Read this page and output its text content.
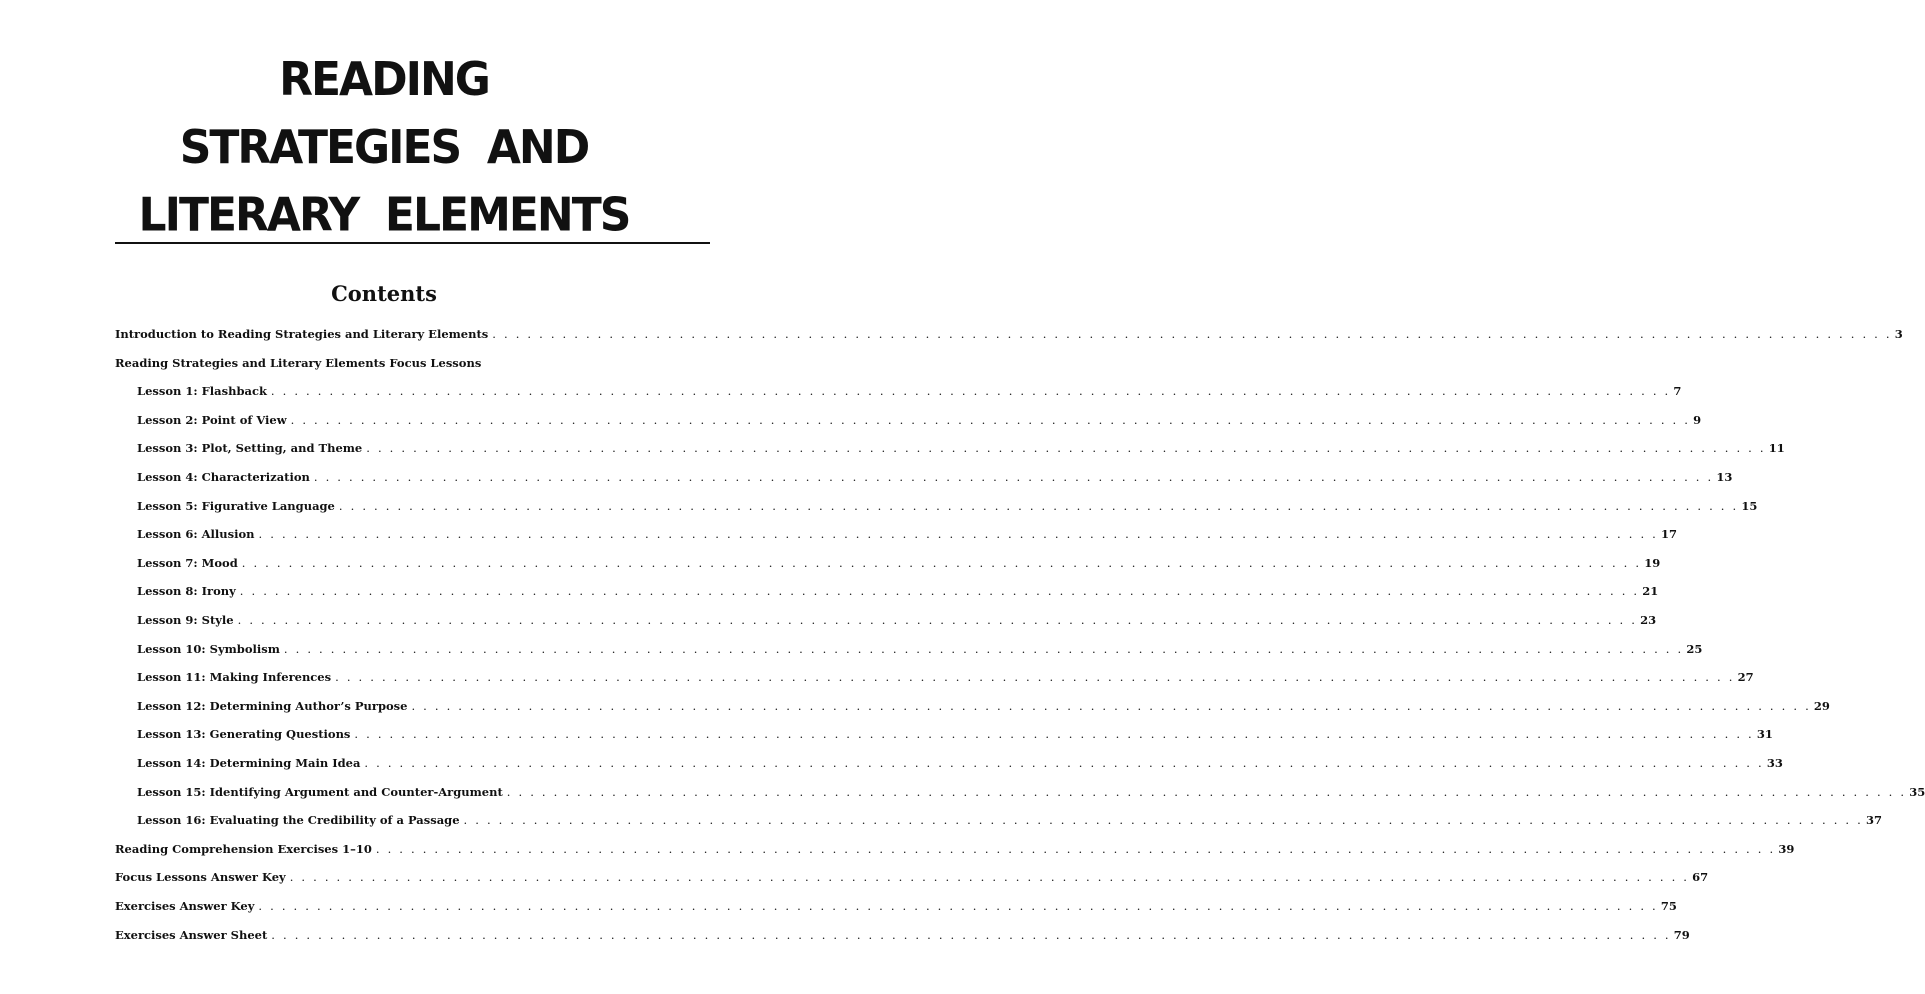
READING
STRATEGIES  AND
LITERARY  ELEMENTS
Contents
Introduction to Reading Strategies and Literary Elements . . . . . . . . . . . . . . . . . . . . . . . . . . . . . . . . . . . . . . . . . . . . . . . . . . . . . . . . . . . . . . . . . . . . . . . . . . . . . . . . . . . . . . . . . . . . . . . . . . . . . . . . . . . . . . . . . . . . . . . . 3
Reading Strategies and Literary Elements Focus Lessons
Lesson 1: Flashback . . . . . . . . . . . . . . . . . . . . . . . . . . . . . . . . . . . . . . . . . . . . . . . . . . . . . . . . . . . . . . . . . . . . . . . . . . . . . . . . . . . . . . . . . . . . . . . . . . . . . . . . . . . . . . . . . . . . . . . . 7
Lesson 2: Point of View . . . . . . . . . . . . . . . . . . . . . . . . . . . . . . . . . . . . . . . . . . . . . . . . . . . . . . . . . . . . . . . . . . . . . . . . . . . . . . . . . . . . . . . . . . . . . . . . . . . . . . . . . . . . . . . . . . . . . . . . 9
Lesson 3: Plot, Setting, and Theme . . . . . . . . . . . . . . . . . . . . . . . . . . . . . . . . . . . . . . . . . . . . . . . . . . . . . . . . . . . . . . . . . . . . . . . . . . . . . . . . . . . . . . . . . . . . . . . . . . . . . . . . . . . . . . . . . . . . . . . . 11
Lesson 4: Characterization . . . . . . . . . . . . . . . . . . . . . . . . . . . . . . . . . . . . . . . . . . . . . . . . . . . . . . . . . . . . . . . . . . . . . . . . . . . . . . . . . . . . . . . . . . . . . . . . . . . . . . . . . . . . . . . . . . . . . . . . 13
Lesson 5: Figurative Language . . . . . . . . . . . . . . . . . . . . . . . . . . . . . . . . . . . . . . . . . . . . . . . . . . . . . . . . . . . . . . . . . . . . . . . . . . . . . . . . . . . . . . . . . . . . . . . . . . . . . . . . . . . . . . . . . . . . . . . . 15
Lesson 6: Allusion . . . . . . . . . . . . . . . . . . . . . . . . . . . . . . . . . . . . . . . . . . . . . . . . . . . . . . . . . . . . . . . . . . . . . . . . . . . . . . . . . . . . . . . . . . . . . . . . . . . . . . . . . . . . . . . . . . . . . . . . 17
Lesson 7: Mood . . . . . . . . . . . . . . . . . . . . . . . . . . . . . . . . . . . . . . . . . . . . . . . . . . . . . . . . . . . . . . . . . . . . . . . . . . . . . . . . . . . . . . . . . . . . . . . . . . . . . . . . . . . . . . . . . . . . . . . . 19
Lesson 8: Irony . . . . . . . . . . . . . . . . . . . . . . . . . . . . . . . . . . . . . . . . . . . . . . . . . . . . . . . . . . . . . . . . . . . . . . . . . . . . . . . . . . . . . . . . . . . . . . . . . . . . . . . . . . . . . . . . . . . . . . . . 21
Lesson 9: Style . . . . . . . . . . . . . . . . . . . . . . . . . . . . . . . . . . . . . . . . . . . . . . . . . . . . . . . . . . . . . . . . . . . . . . . . . . . . . . . . . . . . . . . . . . . . . . . . . . . . . . . . . . . . . . . . . . . . . . . . 23
Lesson 10: Symbolism . . . . . . . . . . . . . . . . . . . . . . . . . . . . . . . . . . . . . . . . . . . . . . . . . . . . . . . . . . . . . . . . . . . . . . . . . . . . . . . . . . . . . . . . . . . . . . . . . . . . . . . . . . . . . . . . . . . . . . . . 25
Lesson 11: Making Inferences . . . . . . . . . . . . . . . . . . . . . . . . . . . . . . . . . . . . . . . . . . . . . . . . . . . . . . . . . . . . . . . . . . . . . . . . . . . . . . . . . . . . . . . . . . . . . . . . . . . . . . . . . . . . . . . . . . . . . . . . 27
Lesson 12: Determining Author’s Purpose . . . . . . . . . . . . . . . . . . . . . . . . . . . . . . . . . . . . . . . . . . . . . . . . . . . . . . . . . . . . . . . . . . . . . . . . . . . . . . . . . . . . . . . . . . . . . . . . . . . . . . . . . . . . . . . . . . . . . . . . 29
Lesson 13: Generating Questions . . . . . . . . . . . . . . . . . . . . . . . . . . . . . . . . . . . . . . . . . . . . . . . . . . . . . . . . . . . . . . . . . . . . . . . . . . . . . . . . . . . . . . . . . . . . . . . . . . . . . . . . . . . . . . . . . . . . . . . . 31
Lesson 14: Determining Main Idea . . . . . . . . . . . . . . . . . . . . . . . . . . . . . . . . . . . . . . . . . . . . . . . . . . . . . . . . . . . . . . . . . . . . . . . . . . . . . . . . . . . . . . . . . . . . . . . . . . . . . . . . . . . . . . . . . . . . . . . . 33
Lesson 15: Identifying Argument and Counter-Argument . . . . . . . . . . . . . . . . . . . . . . . . . . . . . . . . . . . . . . . . . . . . . . . . . . . . . . . . . . . . . . . . . . . . . . . . . . . . . . . . . . . . . . . . . . . . . . . . . . . . . . . . . . . . . . . . . . . . . . . . 35
Lesson 16: Evaluating the Credibility of a Passage . . . . . . . . . . . . . . . . . . . . . . . . . . . . . . . . . . . . . . . . . . . . . . . . . . . . . . . . . . . . . . . . . . . . . . . . . . . . . . . . . . . . . . . . . . . . . . . . . . . . . . . . . . . . . . . . . . . . . . . . 37
Reading Comprehension Exercises 1–10 . . . . . . . . . . . . . . . . . . . . . . . . . . . . . . . . . . . . . . . . . . . . . . . . . . . . . . . . . . . . . . . . . . . . . . . . . . . . . . . . . . . . . . . . . . . . . . . . . . . . . . . . . . . . . . . . . . . . . . . . 39
Focus Lessons Answer Key . . . . . . . . . . . . . . . . . . . . . . . . . . . . . . . . . . . . . . . . . . . . . . . . . . . . . . . . . . . . . . . . . . . . . . . . . . . . . . . . . . . . . . . . . . . . . . . . . . . . . . . . . . . . . . . . . . . . . . . . 67
Exercises Answer Key . . . . . . . . . . . . . . . . . . . . . . . . . . . . . . . . . . . . . . . . . . . . . . . . . . . . . . . . . . . . . . . . . . . . . . . . . . . . . . . . . . . . . . . . . . . . . . . . . . . . . . . . . . . . . . . . . . . . . . . . 75
Exercises Answer Sheet . . . . . . . . . . . . . . . . . . . . . . . . . . . . . . . . . . . . . . . . . . . . . . . . . . . . . . . . . . . . . . . . . . . . . . . . . . . . . . . . . . . . . . . . . . . . . . . . . . . . . . . . . . . . . . . . . . . . . . . . 79
